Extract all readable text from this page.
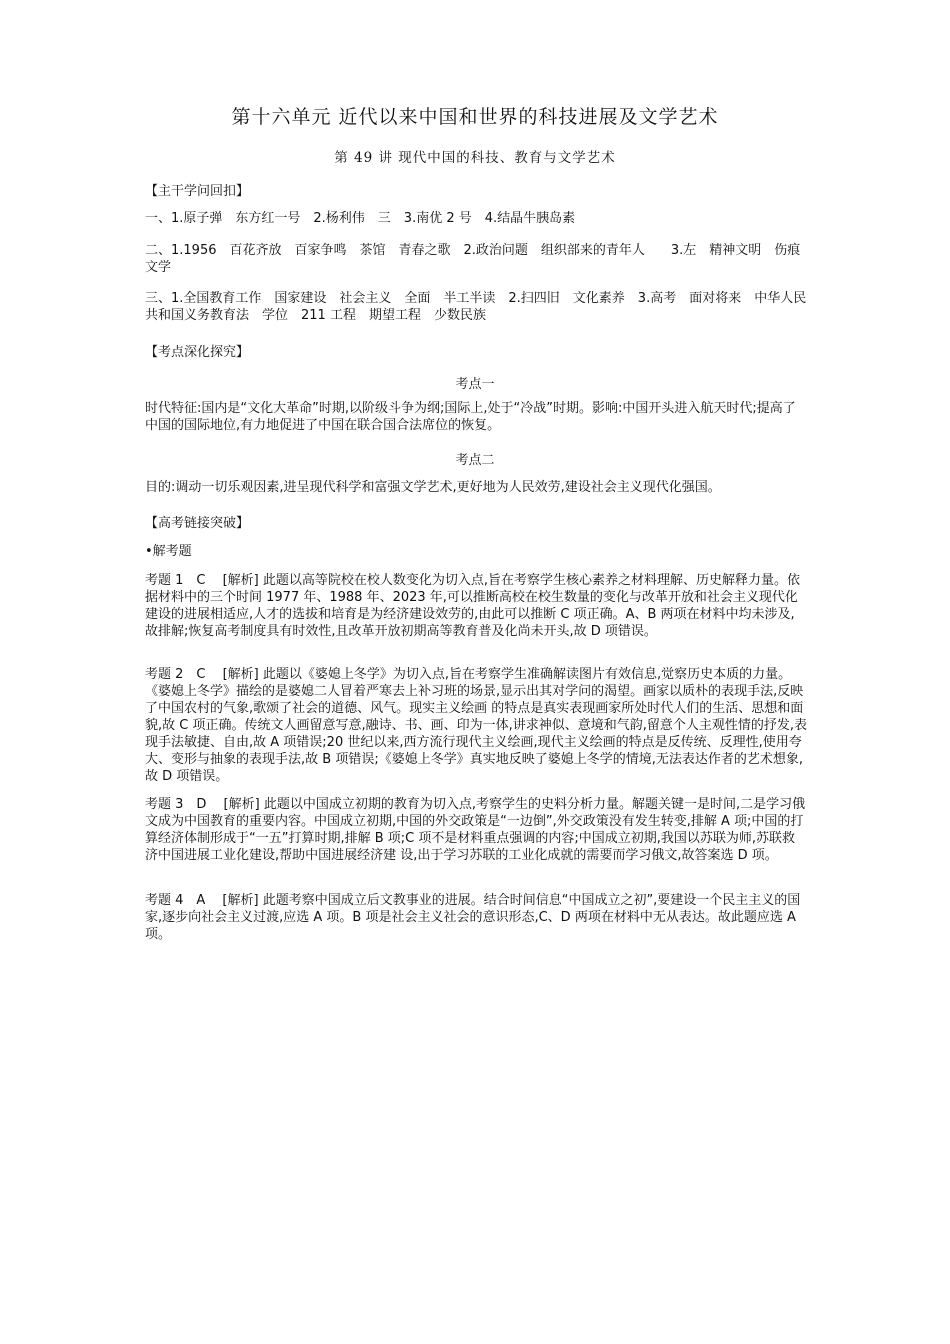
第十六单元 近代以来中国和世界的科技进展及文学艺术
第 49 讲 现代中国的科技、教育与文学艺术
【主干学问回扣】

一、1.原子弹　东方红一号　2.杨利伟　三　3.南优 2 号　4.结晶牛胰岛素

二、1.1956　百花齐放　百家争鸣　茶馆　青春之歌　2.政治问题　组织部来的青年人　　3.左　精神文明　伤痕文学

三、1.全国教育工作　国家建设　社会主义　全面　半工半读　2.扫四旧　文化素养　3.高考　面对将来　中华人民共和国义务教育法　学位　211 工程　期望工程　少数民族

【考点深化探究】
考点一

时代特征:国内是“文化大革命”时期,以阶级斗争为纲;国际上,处于“冷战”时期。影响:中国开头进入航天时代;提高了中国的国际地位,有力地促进了中国在联合国合法席位的恢复。

考点二

目的:调动一切乐观因素,进呈现代科学和富强文学艺术,更好地为人民效劳,建设社会主义现代化强国。

【高考链接突破】
•解考题

考题 1　C　 [解析] 此题以高等院校在校人数变化为切入点,旨在考察学生核心素养之材料理解、历史解释力量。依据材料中的三个时间 1977 年、1988 年、2023 年,可以推断高校在校生数量的变化与改革开放和社会主义现代化建设的进展相适应,人才的选拔和培育是为经济建设效劳的,由此可以推断 C 项正确。A、B 两项在材料中均未涉及,故排解;恢复高考制度具有时效性,且改革开放初期高等教育普及化尚未开头,故 D 项错误。

考题 2　C　 [解析] 此题以《婆媳上冬学》为切入点,旨在考察学生准确解读图片有效信息,觉察历史本质的力量。《婆媳上冬学》描绘的是婆媳二人冒着严寒去上补习班的场景,显示出其对学问的渴望。画家以质朴的表现手法,反映了中国农村的气象,歌颂了社会的道德、风气。现实主义绘画 的特点是真实表现画家所处时代人们的生活、思想和面貌,故 C 项正确。传统文人画留意写意,融诗、书、画、印为一体,讲求神似、意境和气韵,留意个人主观性情的抒发,表现手法敏捷、自由,故 A 项错误;20 世纪以来,西方流行现代主义绘画,现代主义绘画的特点是反传统、反理性,使用夸大、变形与抽象的表现手法,故 B 项错误;《婆媳上冬学》真实地反映了婆媳上冬学的情境,无法表达作者的艺术想象,故 D 项错误。

考题 3　D　 [解析] 此题以中国成立初期的教育为切入点,考察学生的史料分析力量。解题关键一是时间,二是学习俄文成为中国教育的重要内容。中国成立初期,中国的外交政策是“一边倒”,外交政策没有发生转变,排解 A 项;中国的打算经济体制形成于“一五”打算时期,排解 B 项;C 项不是材料重点强调的内容;中国成立初期,我国以苏联为师,苏联救济中国进展工业化建设,帮助中国进展经济建 设,出于学习苏联的工业化成就的需要而学习俄文,故答案选 D 项。

考题 4　A　 [解析] 此题考察中国成立后文教事业的进展。结合时间信息“中国成立之初”,要建设一个民主主义的国家,逐步向社会主义过渡,应选 A 项。B 项是社会主义社会的意识形态,C、D 两项在材料中无从表达。故此题应选 A 项。
